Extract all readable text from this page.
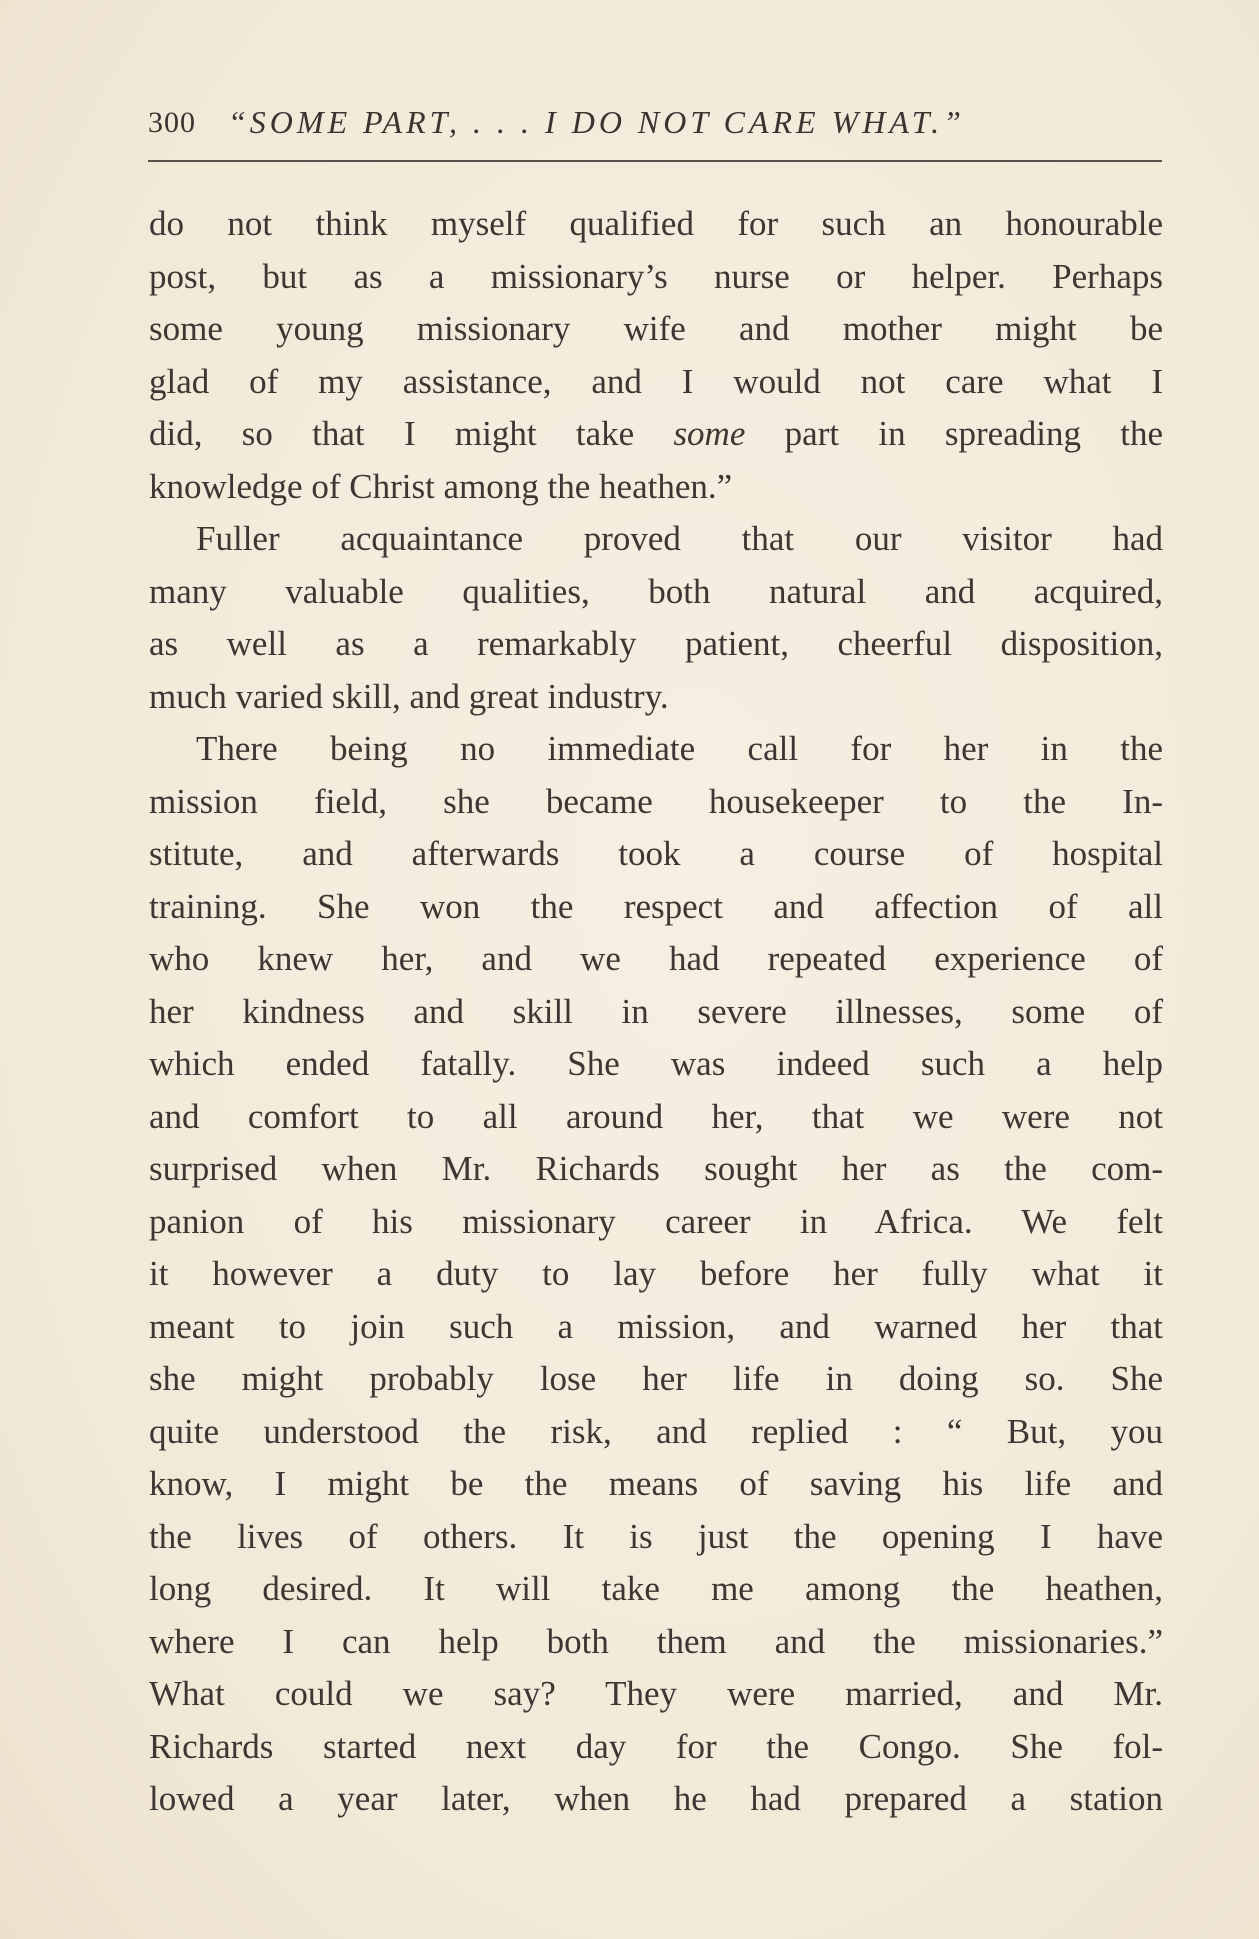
300 “SOME PART, . . . I DO NOT CARE WHAT.”
do not think myself qualified for such an honourable
post, but as a missionary’s nurse or helper. Perhaps
some young missionary wife and mother might be
glad of my assistance, and I would not care what I
did, so that I might take some part in spreading the
knowledge of Christ among the heathen.”
Fuller acquaintance proved that our visitor had
many valuable qualities, both natural and acquired,
as well as a remarkably patient, cheerful disposition,
much varied skill, and great industry.
There being no immediate call for her in the
mission field, she became housekeeper to the In-
stitute, and afterwards took a course of hospital
training. She won the respect and affection of all
who knew her, and we had repeated experience of
her kindness and skill in severe illnesses, some of
which ended fatally. She was indeed such a help
and comfort to all around her, that we were not
surprised when Mr. Richards sought her as the com-
panion of his missionary career in Africa. We felt
it however a duty to lay before her fully what it
meant to join such a mission, and warned her that
she might probably lose her life in doing so. She
quite understood the risk, and replied : “ But, you
know, I might be the means of saving his life and
the lives of others. It is just the opening I have
long desired. It will take me among the heathen,
where I can help both them and the missionaries.”
What could we say? They were married, and Mr.
Richards started next day for the Congo. She fol-
lowed a year later, when he had prepared a station
